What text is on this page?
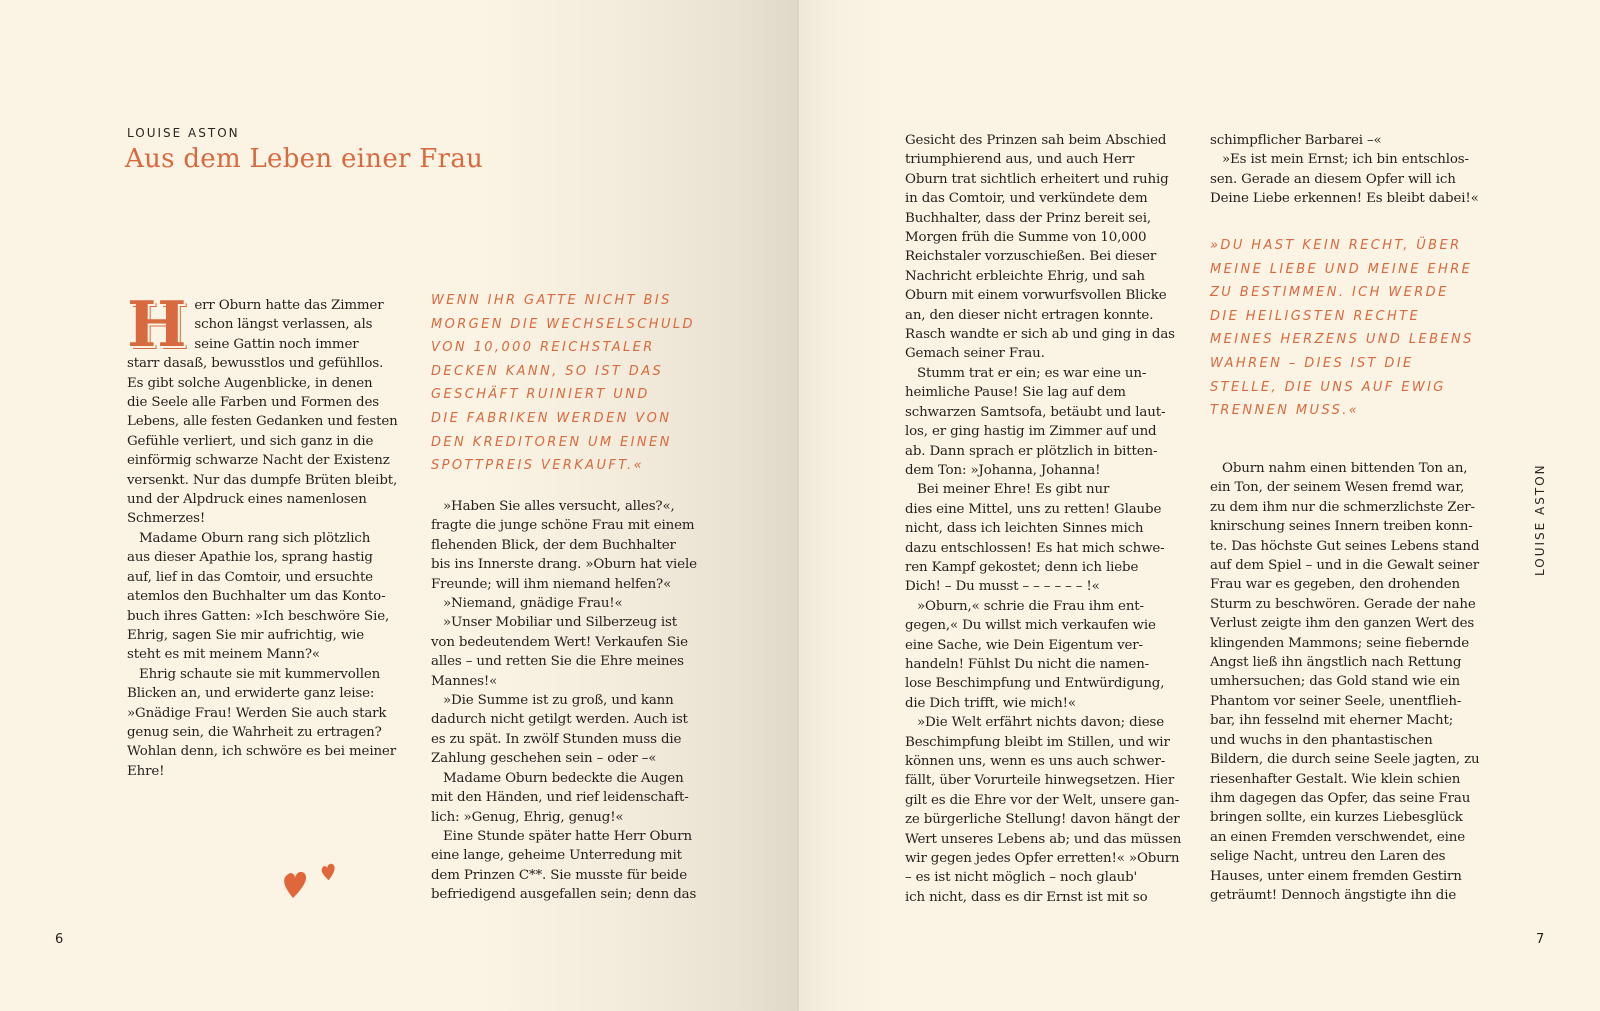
LOUISE ASTON
Aus dem Leben einer Frau
H err Oburn hatte das Zimmer

schon längst verlassen, als

seine Gattin noch immer

starr dasaß, bewusstlos und gefühllos.

Es gibt solche Augenblicke, in denen

die Seele alle Farben und Formen des

Lebens, alle festen Gedanken und festen

Gefühle verliert, und sich ganz in die

einförmig schwarze Nacht der Existenz

versenkt. Nur das dumpfe Brüten bleibt,

und der Alpdruck eines namenlosen

Schmerzes!

Madame Oburn rang sich plötzlich

aus dieser Apathie los, sprang hastig

auf, lief in das Comtoir, und ersuchte

atemlos den Buchhalter um das Konto-

buch ihres Gatten: »Ich beschwöre Sie,

Ehrig, sagen Sie mir aufrichtig, wie

steht es mit meinem Mann?«

Ehrig schaute sie mit kummervollen

Blicken an, und erwiderte ganz leise:

»Gnädige Frau! Werden Sie auch stark

genug sein, die Wahrheit zu ertragen?

Wohlan denn, ich schwöre es bei meiner

Ehre!

WENN IHR GATTE NICHT BIS
MORGEN DIE WECHSELSCHULD
VON 10,000 REICHSTALER
DECKEN KANN, SO IST DAS
GESCHÄFT RUINIERT UND
DIE FABRIKEN WERDEN VON
DEN KREDITOREN UM EINEN
SPOTTPREIS VERKAUFT.«

»Haben Sie alles versucht, alles?«,

fragte die junge schöne Frau mit einem

flehenden Blick, der dem Buchhalter

bis ins Innerste drang. »Oburn hat viele

Freunde; will ihm niemand helfen?«

»Niemand, gnädige Frau!«

»Unser Mobiliar und Silberzeug ist

von bedeutendem Wert! Verkaufen Sie

alles – und retten Sie die Ehre meines

Mannes!«

»Die Summe ist zu groß, und kann

dadurch nicht getilgt werden. Auch ist

es zu spät. In zwölf Stunden muss die

Zahlung geschehen sein – oder –«

Madame Oburn bedeckte die Augen

mit den Händen, und rief leidenschaft-

lich: »Genug, Ehrig, genug!«

Eine Stunde später hatte Herr Oburn

eine lange, geheime Unterredung mit

dem Prinzen C**. Sie musste für beide

befriedigend ausgefallen sein; denn das

6

Gesicht des Prinzen sah beim Abschied

triumphierend aus, und auch Herr

Oburn trat sichtlich erheitert und ruhig

in das Comtoir, und verkündete dem

Buchhalter, dass der Prinz bereit sei,

Morgen früh die Summe von 10,000

Reichstaler vorzuschießen. Bei dieser

Nachricht erbleichte Ehrig, und sah

Oburn mit einem vorwurfsvollen Blicke

an, den dieser nicht ertragen konnte.

Rasch wandte er sich ab und ging in das

Gemach seiner Frau.

Stumm trat er ein; es war eine un-

heimliche Pause! Sie lag auf dem

schwarzen Samtsofa, betäubt und laut-

los, er ging hastig im Zimmer auf und

ab. Dann sprach er plötzlich in bitten-

dem Ton: »Johanna, Johanna!

Bei meiner Ehre! Es gibt nur

dies eine Mittel, uns zu retten! Glaube

nicht, dass ich leichten Sinnes mich

dazu entschlossen! Es hat mich schwe-

ren Kampf gekostet; denn ich liebe

Dich! – Du musst – – – – – – !«

»Oburn,« schrie die Frau ihm ent-

gegen,« Du willst mich verkaufen wie

eine Sache, wie Dein Eigentum ver-

handeln! Fühlst Du nicht die namen-

lose Beschimpfung und Entwürdigung,

die Dich trifft, wie mich!«

»Die Welt erfährt nichts davon; diese

Beschimpfung bleibt im Stillen, und wir

können uns, wenn es uns auch schwer-

fällt, über Vorurteile hinwegsetzen. Hier

gilt es die Ehre vor der Welt, unsere gan-

ze bürgerliche Stellung! davon hängt der

Wert unseres Lebens ab; und das müssen

wir gegen jedes Opfer erretten!« »Oburn

– es ist nicht möglich – noch glaub'

ich nicht, dass es dir Ernst ist mit so

schimpflicher Barbarei –«

»Es ist mein Ernst; ich bin entschlos-

sen. Gerade an diesem Opfer will ich

Deine Liebe erkennen! Es bleibt dabei!«

»DU HAST KEIN RECHT, ÜBER
MEINE LIEBE UND MEINE EHRE
ZU BESTIMMEN. ICH WERDE
DIE HEILIGSTEN RECHTE
MEINES HERZENS UND LEBENS
WAHREN – DIES IST DIE
STELLE, DIE UNS AUF EWIG
TRENNEN MUSS.«

Oburn nahm einen bittenden Ton an,

ein Ton, der seinem Wesen fremd war,

zu dem ihm nur die schmerzlichste Zer-

knirschung seines Innern treiben konn-

te. Das höchste Gut seines Lebens stand

auf dem Spiel – und in die Gewalt seiner

Frau war es gegeben, den drohenden

Sturm zu beschwören. Gerade der nahe

Verlust zeigte ihm den ganzen Wert des

klingenden Mammons; seine fiebernde

Angst ließ ihn ängstlich nach Rettung

umhersuchen; das Gold stand wie ein

Phantom vor seiner Seele, unentflieh-

bar, ihn fesselnd mit eherner Macht;

und wuchs in den phantastischen

Bildern, die durch seine Seele jagten, zu

riesenhafter Gestalt. Wie klein schien

ihm dagegen das Opfer, das seine Frau

bringen sollte, ein kurzes Liebesglück

an einen Fremden verschwendet, eine

selige Nacht, untreu den Laren des

Hauses, unter einem fremden Gestirn

geträumt! Dennoch ängstigte ihn die

LOUISE ASTON
7
